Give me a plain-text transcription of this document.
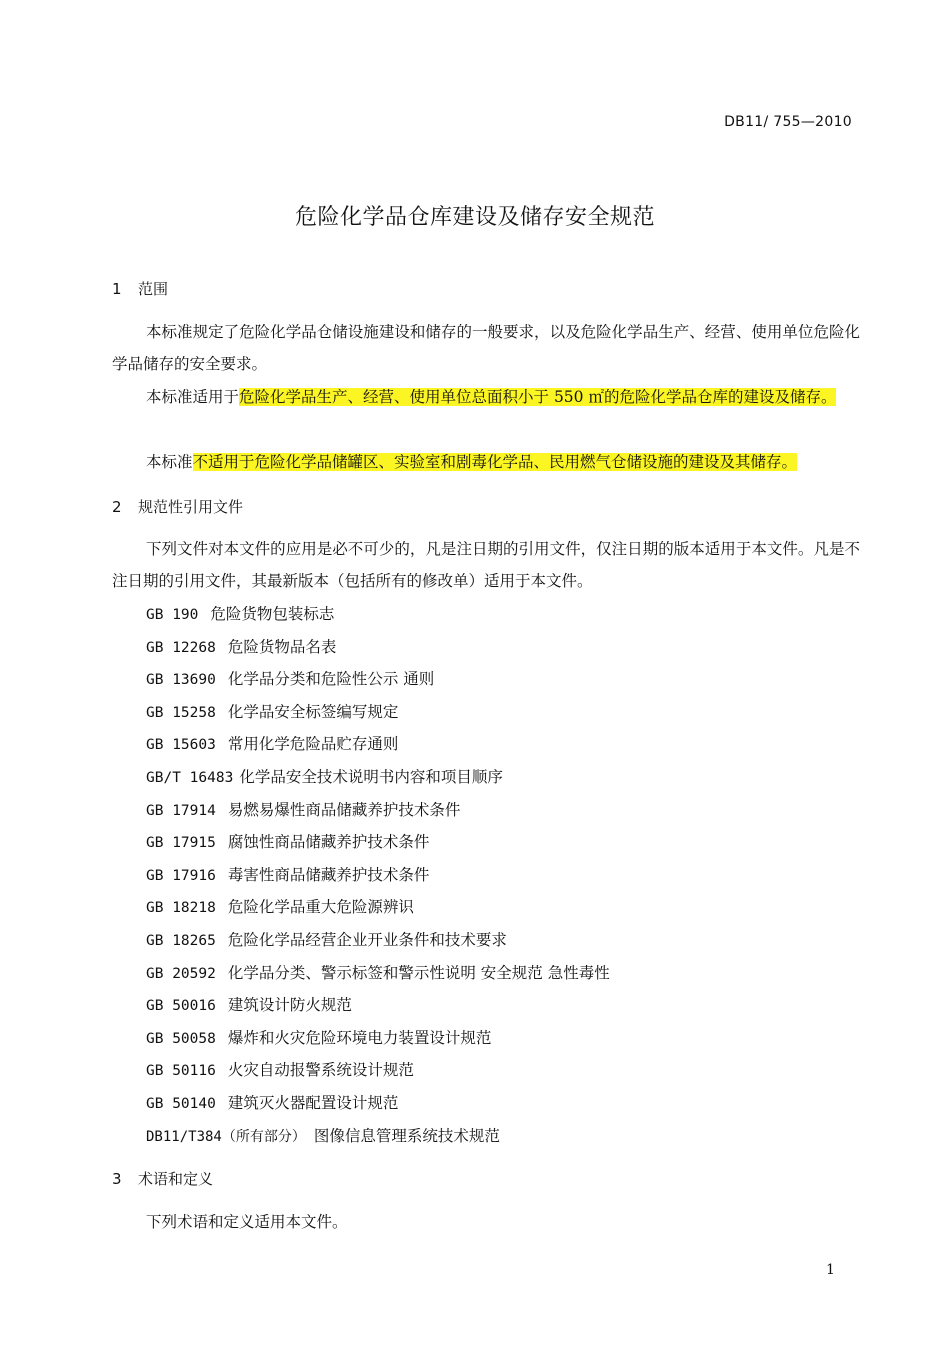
DB11/ 755—2010
危险化学品仓库建设及储存安全规范
1 范围

本标准规定了危险化学品仓储设施建设和储存的一般要求，以及危险化学品生产、经营、使用单位危险化学品储存的安全要求。

本标准适用于危险化学品生产、经营、使用单位总面积小于 550 ㎡的危险化学品仓库的建设及储存。

本标准不适用于危险化学品储罐区、实验室和剧毒化学品、民用燃气仓储设施的建设及其储存。

2 规范性引用文件

下列文件对本文件的应用是必不可少的，凡是注日期的引用文件，仅注日期的版本适用于本文件。凡是不注日期的引用文件，其最新版本（包括所有的修改单）适用于本文件。

GB 190 危险货物包装标志
GB 12268 危险货物品名表
GB 13690 化学品分类和危险性公示 通则
GB 15258 化学品安全标签编写规定
GB 15603 常用化学危险品贮存通则
GB/T 16483 化学品安全技术说明书内容和项目顺序
GB 17914 易燃易爆性商品储藏养护技术条件
GB 17915 腐蚀性商品储藏养护技术条件
GB 17916 毒害性商品储藏养护技术条件
GB 18218 危险化学品重大危险源辨识
GB 18265 危险化学品经营企业开业条件和技术要求
GB 20592 化学品分类、警示标签和警示性说明 安全规范 急性毒性
GB 50016 建筑设计防火规范
GB 50058 爆炸和火灾危险环境电力装置设计规范
GB 50116 火灾自动报警系统设计规范
GB 50140 建筑灭火器配置设计规范
DB11/T384（所有部分） 图像信息管理系统技术规范
3 术语和定义

下列术语和定义适用本文件。

1
